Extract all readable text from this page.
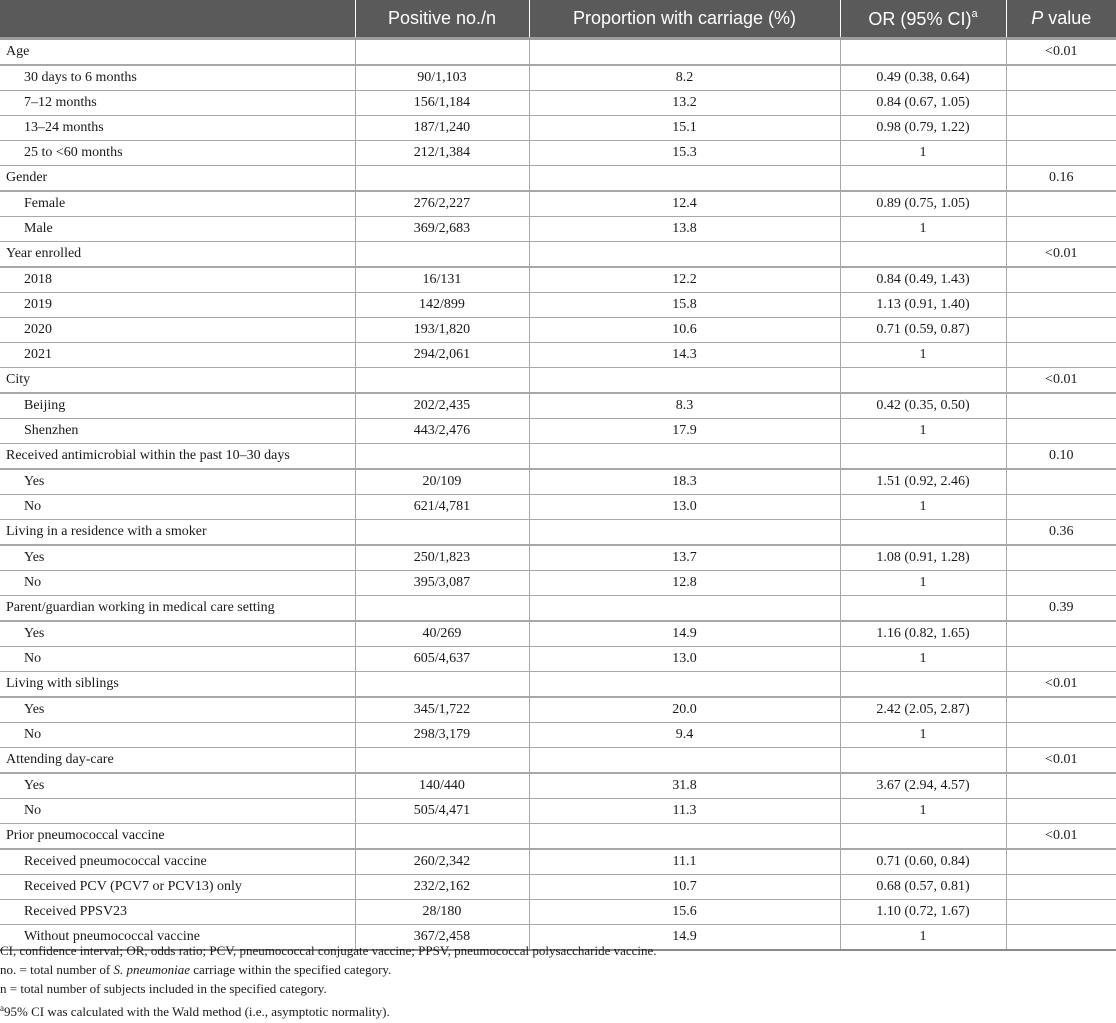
	Positive no./n	Proportion with carriage (%)	OR (95% CI)$^a$	P value
Age				<0.01
30 days to 6 months	90/1,103	8.2	0.49 (0.38, 0.64)	
7–12 months	156/1,184	13.2	0.84 (0.67, 1.05)	
13–24 months	187/1,240	15.1	0.98 (0.79, 1.22)	
25 to <60 months	212/1,384	15.3	1	
Gender				0.16
Female	276/2,227	12.4	0.89 (0.75, 1.05)	
Male	369/2,683	13.8	1	
Year enrolled				<0.01
2018	16/131	12.2	0.84 (0.49, 1.43)	
2019	142/899	15.8	1.13 (0.91, 1.40)	
2020	193/1,820	10.6	0.71 (0.59, 0.87)	
2021	294/2,061	14.3	1	
City				<0.01
Beijing	202/2,435	8.3	0.42 (0.35, 0.50)	
Shenzhen	443/2,476	17.9	1	
Received antimicrobial within the past 10–30 days				0.10
Yes	20/109	18.3	1.51 (0.92, 2.46)	
No	621/4,781	13.0	1	
Living in a residence with a smoker				0.36
Yes	250/1,823	13.7	1.08 (0.91, 1.28)	
No	395/3,087	12.8	1	
Parent/guardian working in medical care setting				0.39
Yes	40/269	14.9	1.16 (0.82, 1.65)	
No	605/4,637	13.0	1	
Living with siblings				<0.01
Yes	345/1,722	20.0	2.42 (2.05, 2.87)	
No	298/3,179	9.4	1	
Attending day-care				<0.01
Yes	140/440	31.8	3.67 (2.94, 4.57)	
No	505/4,471	11.3	1	
Prior pneumococcal vaccine				<0.01
Received pneumococcal vaccine	260/2,342	11.1	0.71 (0.60, 0.84)	
Received PCV (PCV7 or PCV13) only	232/2,162	10.7	0.68 (0.57, 0.81)	
Received PPSV23	28/180	15.6	1.10 (0.72, 1.67)	
Without pneumococcal vaccine	367/2,458	14.9	1	

CI, confidence interval; OR, odds ratio; PCV, pneumococcal conjugate vaccine; PPSV, pneumococcal polysaccharide vaccine.

no. = total number of S. pneumoniae carriage within the specified category.

n = total number of subjects included in the specified category.

$^a$95% CI was calculated with the Wald method (i.e., asymptotic normality).
